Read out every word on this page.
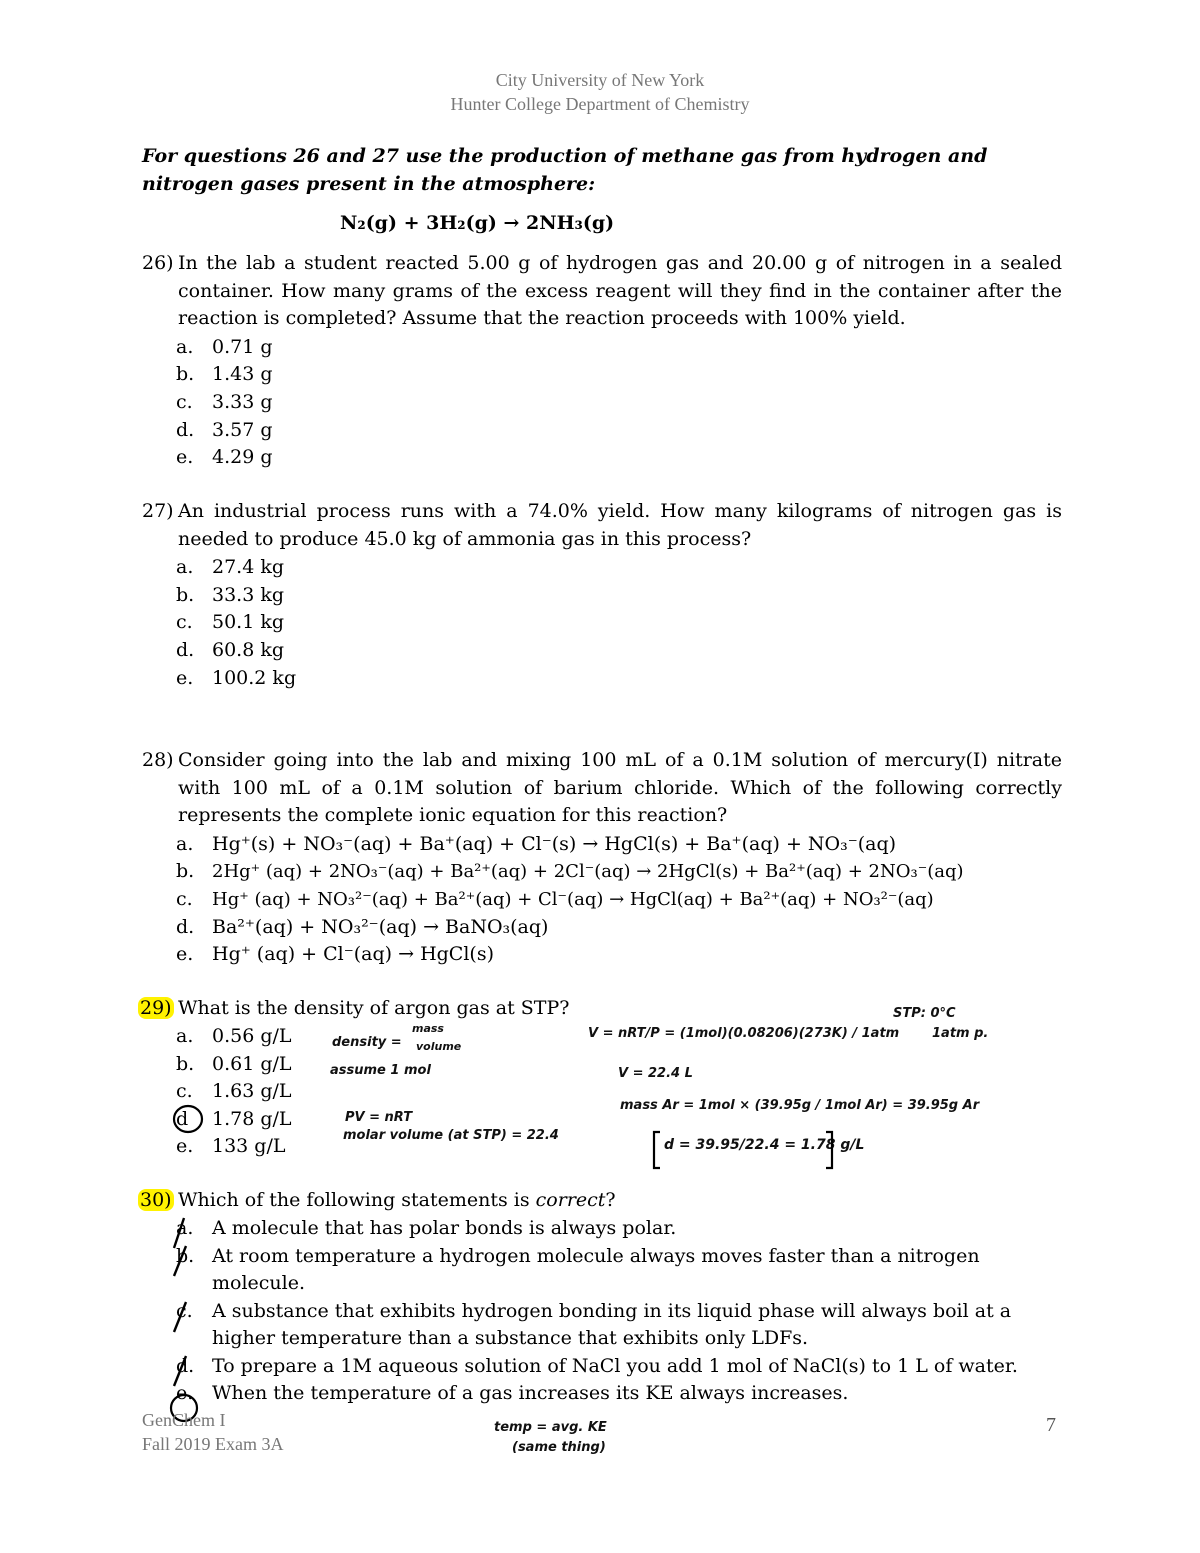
City University of New York
Hunter College Department of Chemistry
For questions 26 and 27 use the production of methane gas from hydrogen and
nitrogen gases present in the atmosphere:
N₂(g) + 3H₂(g) → 2NH₃(g)
26) In the lab a student reacted 5.00 g of hydrogen gas and 20.00 g of nitrogen in a sealed container. How many grams of the excess reagent will they find in the container after the reaction is completed? Assume that the reaction proceeds with 100% yield.
a. 0.71 g
b. 1.43 g
c. 3.33 g
d. 3.57 g
e. 4.29 g
27) An industrial process runs with a 74.0% yield. How many kilograms of nitrogen gas is needed to produce 45.0 kg of ammonia gas in this process?
a. 27.4 kg
b. 33.3 kg
c. 50.1 kg
d. 60.8 kg
e. 100.2 kg
28) Consider going into the lab and mixing 100 mL of a 0.1M solution of mercury(I) nitrate with 100 mL of a 0.1M solution of barium chloride. Which of the following correctly represents the complete ionic equation for this reaction?
a. Hg⁺(s) + NO₃⁻(aq) + Ba⁺(aq) + Cl⁻(s) → HgCl(s) + Ba⁺(aq) + NO₃⁻(aq)
b. 2Hg⁺ (aq) + 2NO₃⁻(aq) + Ba²⁺(aq) + 2Cl⁻(aq) → 2HgCl(s) + Ba²⁺(aq) + 2NO₃⁻(aq)
c. Hg⁺ (aq) + NO₃²⁻(aq) + Ba²⁺(aq) + Cl⁻(aq) → HgCl(aq) + Ba²⁺(aq) + NO₃²⁻(aq)
d. Ba²⁺(aq) + NO₃²⁻(aq) → BaNO₃(aq)
e. Hg⁺ (aq) + Cl⁻(aq) → HgCl(s)
29) What is the density of argon gas at STP?
a. 0.56 g/L
b. 0.61 g/L
c. 1.63 g/L
d 1.78 g/L
e. 133 g/L
density =
mass
volume
assume 1 mol
PV = nRT
molar volume (at STP) = 22.4
V = nRT/P = (1mol)(0.08206)(273K) / 1atm
V = 22.4 L
mass Ar = 1mol × (39.95g / 1mol Ar) = 39.95g Ar
d = 39.95/22.4 = 1.78 g/L
STP: 0°C
1atm p.
30) Which of the following statements is correct?
a. A molecule that has polar bonds is always polar.
b. At room temperature a hydrogen molecule always moves faster than a nitrogen
molecule.
c. A substance that exhibits hydrogen bonding in its liquid phase will always boil at a
higher temperature than a substance that exhibits only LDFs.
d. To prepare a 1M aqueous solution of NaCl you add 1 mol of NaCl(s) to 1 L of water.
e. When the temperature of a gas increases its KE always increases.
GenChem I
Fall 2019 Exam 3A
7
temp = avg. KE
(same thing)
